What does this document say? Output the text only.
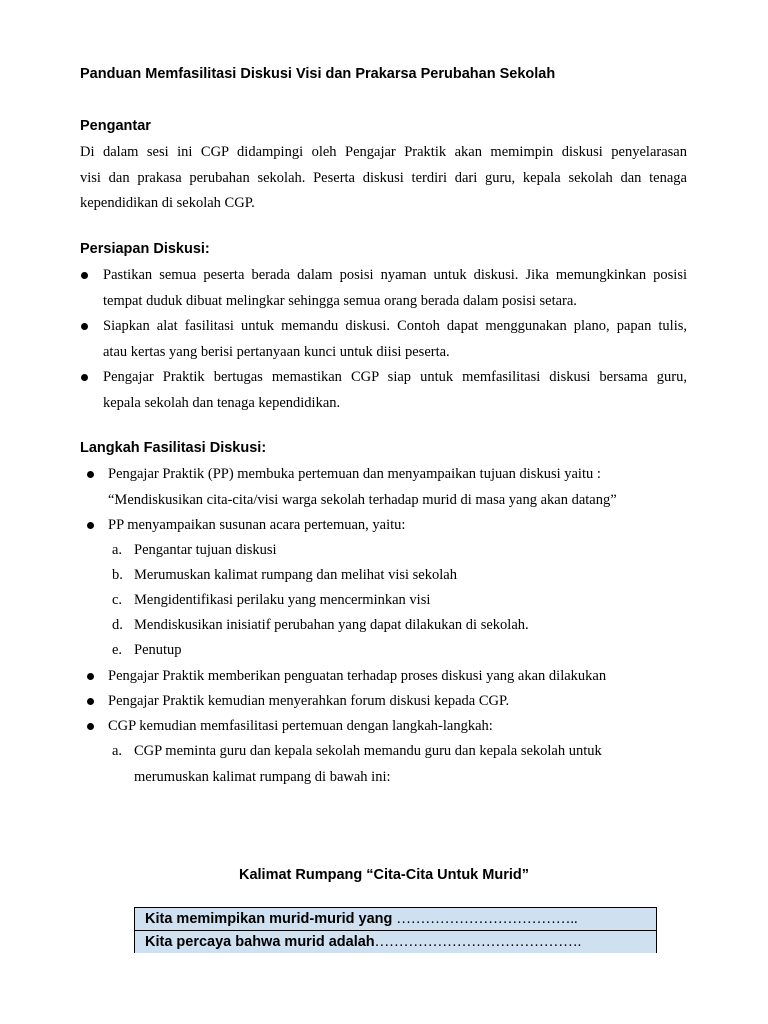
Panduan Memfasilitasi Diskusi Visi dan Prakarsa Perubahan Sekolah
Pengantar
Di dalam sesi ini CGP didampingi oleh Pengajar Praktik akan memimpin diskusi penyelarasan
visi dan prakasa perubahan sekolah. Peserta diskusi terdiri dari guru, kepala sekolah dan tenaga
kependidikan di sekolah CGP.
Persiapan Diskusi:
Pastikan semua peserta berada dalam posisi nyaman untuk diskusi. Jika memungkinkan posisi
tempat duduk dibuat melingkar sehingga semua orang berada dalam posisi setara.
Siapkan alat fasilitasi untuk memandu diskusi. Contoh dapat menggunakan plano, papan tulis,
atau kertas yang berisi pertanyaan kunci untuk diisi peserta.
Pengajar Praktik bertugas memastikan CGP siap untuk memfasilitasi diskusi bersama guru,
kepala sekolah dan tenaga kependidikan.
Langkah Fasilitasi Diskusi:
Pengajar Praktik (PP) membuka pertemuan dan menyampaikan tujuan diskusi yaitu :
“Mendiskusikan cita-cita/visi warga sekolah terhadap murid di masa yang akan datang”
PP menyampaikan susunan acara pertemuan, yaitu:
a. Pengantar tujuan diskusi
b. Merumuskan kalimat rumpang dan melihat visi sekolah
c. Mengidentifikasi perilaku yang mencerminkan visi
d. Mendiskusikan inisiatif perubahan yang dapat dilakukan di sekolah.
e. Penutup
Pengajar Praktik memberikan penguatan terhadap proses diskusi yang akan dilakukan
Pengajar Praktik kemudian menyerahkan forum diskusi kepada CGP.
CGP kemudian memfasilitasi pertemuan dengan langkah-langkah:
a. CGP meminta guru dan kepala sekolah memandu guru dan kepala sekolah untuk
merumuskan kalimat rumpang di bawah ini:
Kalimat Rumpang “Cita-Cita Untuk Murid”
Kita memimpikan murid-murid yang ………………………………..
Kita percaya bahwa murid adalah…………………………………….
